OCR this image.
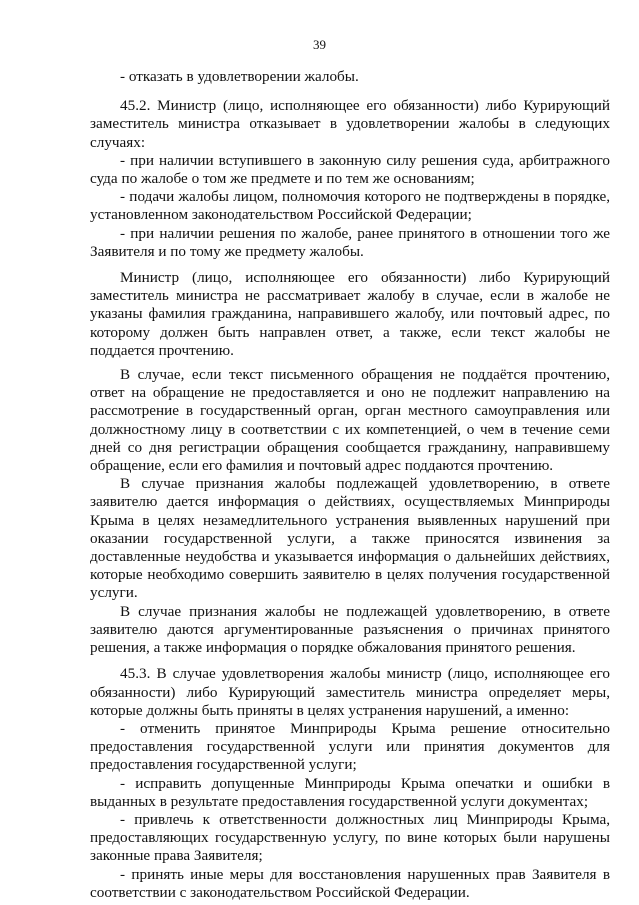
39

- отказать в удовлетворении жалобы.

45.2. Министр (лицо, исполняющее его обязанности) либо Курирующий заместитель министра отказывает в удовлетворении жалобы в следующих случаях:

- при наличии вступившего в законную силу решения суда, арбитражного суда по жалобе о том же предмете и по тем же основаниям;

- подачи жалобы лицом, полномочия которого не подтверждены в порядке, установленном законодательством Российской Федерации;

- при наличии решения по жалобе, ранее принятого в отношении того же Заявителя и по тому же предмету жалобы.

Министр (лицо, исполняющее его обязанности) либо Курирующий заместитель министра не рассматривает жалобу в случае, если в жалобе не указаны фамилия гражданина, направившего жалобу, или почтовый адрес, по которому должен быть направлен ответ, а также, если текст жалобы не поддается прочтению.

В случае, если текст письменного обращения не поддаётся прочтению, ответ на обращение не предоставляется и оно не подлежит направлению на рассмотрение в государственный орган, орган местного самоуправления или должностному лицу в соответствии с их компетенцией, о чем в течение семи дней со дня регистрации обращения сообщается гражданину, направившему обращение, если его фамилия и почтовый адрес поддаются прочтению.

В случае признания жалобы подлежащей удовлетворению, в ответе заявителю дается информация о действиях, осуществляемых Минприроды Крыма в целях незамедлительного устранения выявленных нарушений при оказании государственной услуги, а также приносятся извинения за доставленные неудобства и указывается информация о дальнейших действиях, которые необходимо совершить заявителю в целях получения государственной услуги.

В случае признания жалобы не подлежащей удовлетворению, в ответе заявителю даются аргументированные разъяснения о причинах принятого решения, а также информация о порядке обжалования принятого решения.

45.3. В случае удовлетворения жалобы министр (лицо, исполняющее его обязанности) либо Курирующий заместитель министра определяет меры, которые должны быть приняты в целях устранения нарушений, а именно:

- отменить принятое Минприроды Крыма решение относительно предоставления государственной услуги или принятия документов для предоставления государственной услуги;

- исправить допущенные Минприроды Крыма опечатки и ошибки в выданных в результате предоставления государственной услуги документах;

- привлечь к ответственности должностных лиц Минприроды Крыма, предоставляющих государственную услугу, по вине которых были нарушены законные права Заявителя;

- принять иные меры для восстановления нарушенных прав Заявителя в соответствии с законодательством Российской Федерации.
